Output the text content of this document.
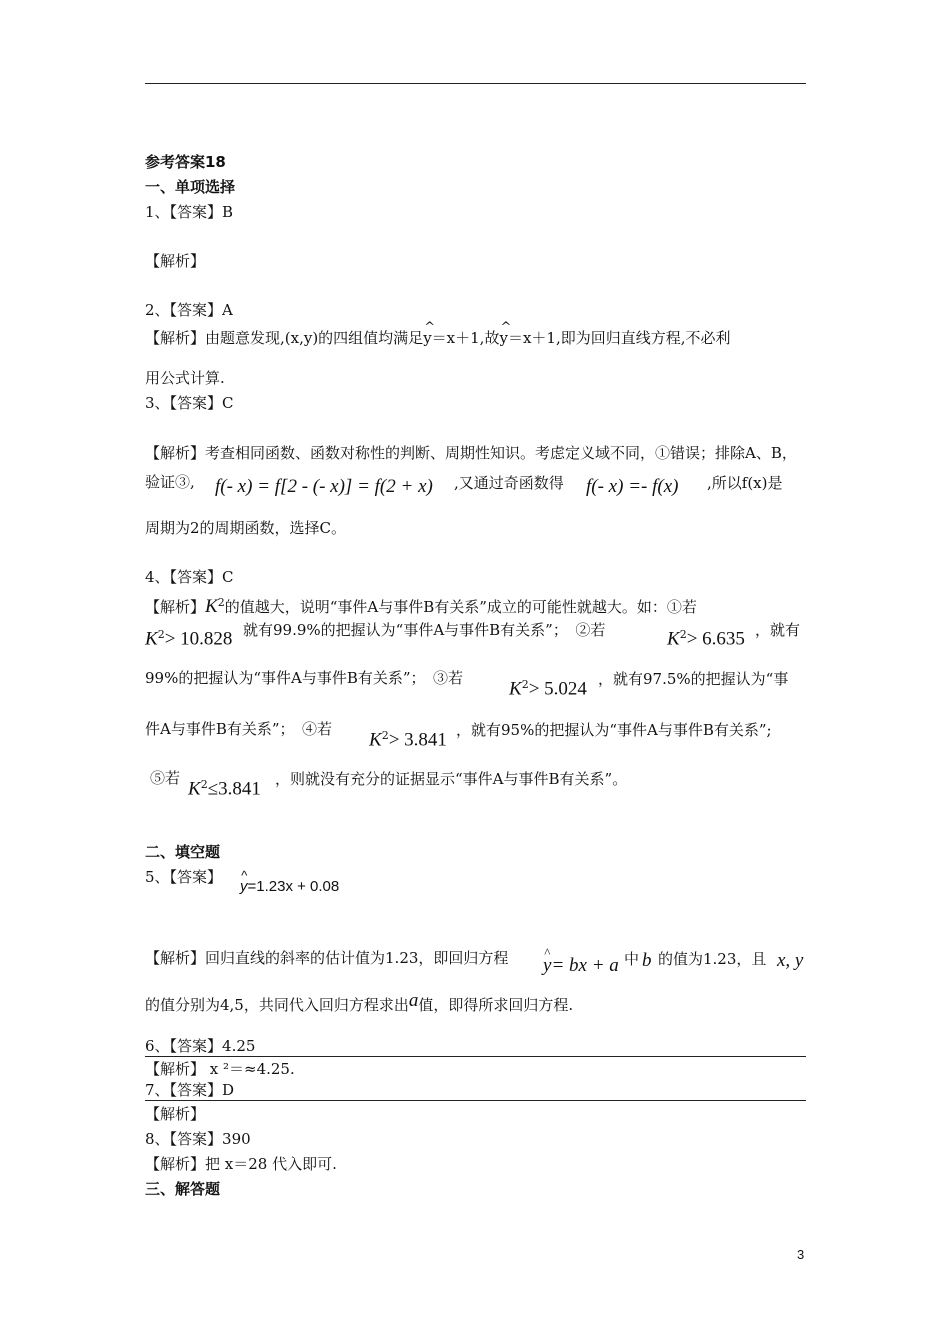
参考答案18
一、单项选择
1、【答案】B
【解析】
2、【答案】A
【解析】由题意发现,(x,y)的四组值均满足^ y＝x＋1,故^ y＝x＋1,即为回归直线方程,不必利
用公式计算.
3、【答案】C
【解析】考查相同函数、函数对称性的判断、周期性知识。考虑定义域不同，①错误；排除A、B，
验证③, f(- x) = f[2 - (- x)] = f(2 + x) ,又通过奇函数得 f(- x) =- f(x) ,所以f(x)是
周期为2的周期函数，选择C。
4、【答案】C
【解析】$K^2$的值越大，说明“事件A与事件B有关系”成立的可能性就越大。如：①若
$K^2> 10.828$ 就有99.9%的把握认为“事件A与事件B有关系”；　②若	$K^2> 6.635$ ，就有
99%的把握认为“事件A与事件B有关系”；　③若
$K^2> 5.024$ ，就有97.5%的把握认为“事
件A与事件B有关系”；　④若
$K^2> 3.841$ ，就有95%的把握认为“事件A与事件B有关系”;
⑤若
$K^2\le 3.841$ ，则就没有充分的证据显示“事件A与事件B有关系”。
二、填空题
5、【答案】
^ y=1.23x + 0.08
【解析】回归直线的斜率的估计值为1.23，即回归方程
^ y= bx + a 中 b 的值为1.23，且 x, y
的值分别为4,5，共同代入回归方程求出a值，即得所求回归方程.
6、【答案】4.25
【解析】 x ²＝≈4.25.
7、【答案】D
【解析】
8、【答案】390
【解析】把 x＝28 代入即可.
三、解答题
3
